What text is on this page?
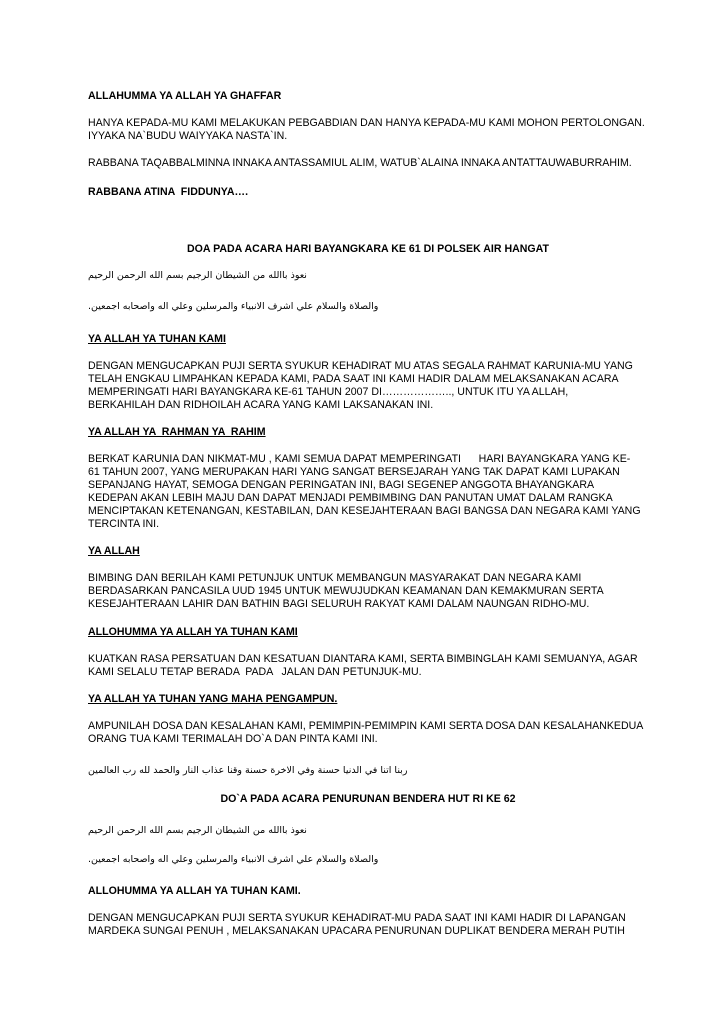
ALLAHUMMA YA ALLAH YA GHAFFAR
HANYA KEPADA-MU KAMI MELAKUKAN PEBGABDIAN DAN HANYA KEPADA-MU KAMI MOHON PERTOLONGAN.
IYYAKA NA`BUDU WAIYYAKA NASTA`IN.
RABBANA TAQABBALMINNA INNAKA ANTASSAMIUL ALIM, WATUB`ALAINA INNAKA ANTATTAUWABURRAHIM.
RABBANA ATINA  FIDDUNYA….
DOA PADA ACARA HARI BAYANGKARA KE 61 DI POLSEK AIR HANGAT
نعوذ باالله من الشيطان الرجيم بسم الله الرحمن الرحيم
والصلاة والسلام علي اشرف الانبياء والمرسلين وعلي اله واصحابه اجمعين.
YA ALLAH YA TUHAN KAMI
DENGAN MENGUCAPKAN PUJI SERTA SYUKUR KEHADIRAT MU ATAS SEGALA RAHMAT KARUNIA-MU YANG
TELAH ENGKAU LIMPAHKAN KEPADA KAMI, PADA SAAT INI KAMI HADIR DALAM MELAKSANAKAN ACARA
MEMPERINGATI HARI BAYANGKARA KE-61 TAHUN 2007 DI……………….., UNTUK ITU YA ALLAH,
BERKAHILAH DAN RIDHOILAH ACARA YANG KAMI LAKSANAKAN INI.
YA ALLAH YA  RAHMAN YA  RAHIM
BERKAT KARUNIA DAN NIKMAT-MU , KAMI SEMUA DAPAT MEMPERINGATI      HARI BAYANGKARA YANG KE-
61 TAHUN 2007, YANG MERUPAKAN HARI YANG SANGAT BERSEJARAH YANG TAK DAPAT KAMI LUPAKAN
SEPANJANG HAYAT, SEMOGA DENGAN PERINGATAN INI, BAGI SEGENEP ANGGOTA BHAYANGKARA
KEDEPAN AKAN LEBIH MAJU DAN DAPAT MENJADI PEMBIMBING DAN PANUTAN UMAT DALAM RANGKA
MENCIPTAKAN KETENANGAN, KESTABILAN, DAN KESEJAHTERAAN BAGI BANGSA DAN NEGARA KAMI YANG
TERCINTA INI.
YA ALLAH
BIMBING DAN BERILAH KAMI PETUNJUK UNTUK MEMBANGUN MASYARAKAT DAN NEGARA KAMI
BERDASARKAN PANCASILA UUD 1945 UNTUK MEWUJUDKAN KEAMANAN DAN KEMAKMURAN SERTA
KESEJAHTERAAN LAHIR DAN BATHIN BAGI SELURUH RAKYAT KAMI DALAM NAUNGAN RIDHO-MU.
ALLOHUMMA YA ALLAH YA TUHAN KAMI
KUATKAN RASA PERSATUAN DAN KESATUAN DIANTARA KAMI, SERTA BIMBINGLAH KAMI SEMUANYA, AGAR
KAMI SELALU TETAP BERADA  PADA   JALAN DAN PETUNJUK-MU.
YA ALLAH YA TUHAN YANG MAHA PENGAMPUN.
AMPUNILAH DOSA DAN KESALAHAN KAMI, PEMIMPIN-PEMIMPIN KAMI SERTA DOSA DAN KESALAHANKEDUA
ORANG TUA KAMI TERIMALAH DO`A DAN PINTA KAMI INI.
ربنا اتنا في الدنيا حسنة وفي الاخرة حسنة وقنا عذاب النار والحمد لله رب العالمين
DO`A PADA ACARA PENURUNAN BENDERA HUT RI KE 62
نعوذ باالله من الشيطان الرجيم بسم الله الرحمن الرحيم
والصلاة والسلام علي اشرف الانبياء والمرسلين وعلي اله واصحابه اجمعين.
ALLOHUMMA YA ALLAH YA TUHAN KAMI.
DENGAN MENGUCAPKAN PUJI SERTA SYUKUR KEHADIRAT-MU PADA SAAT INI KAMI HADIR DI LAPANGAN
MARDEKA SUNGAI PENUH , MELAKSANAKAN UPACARA PENURUNAN DUPLIKAT BENDERA MERAH PUTIH
